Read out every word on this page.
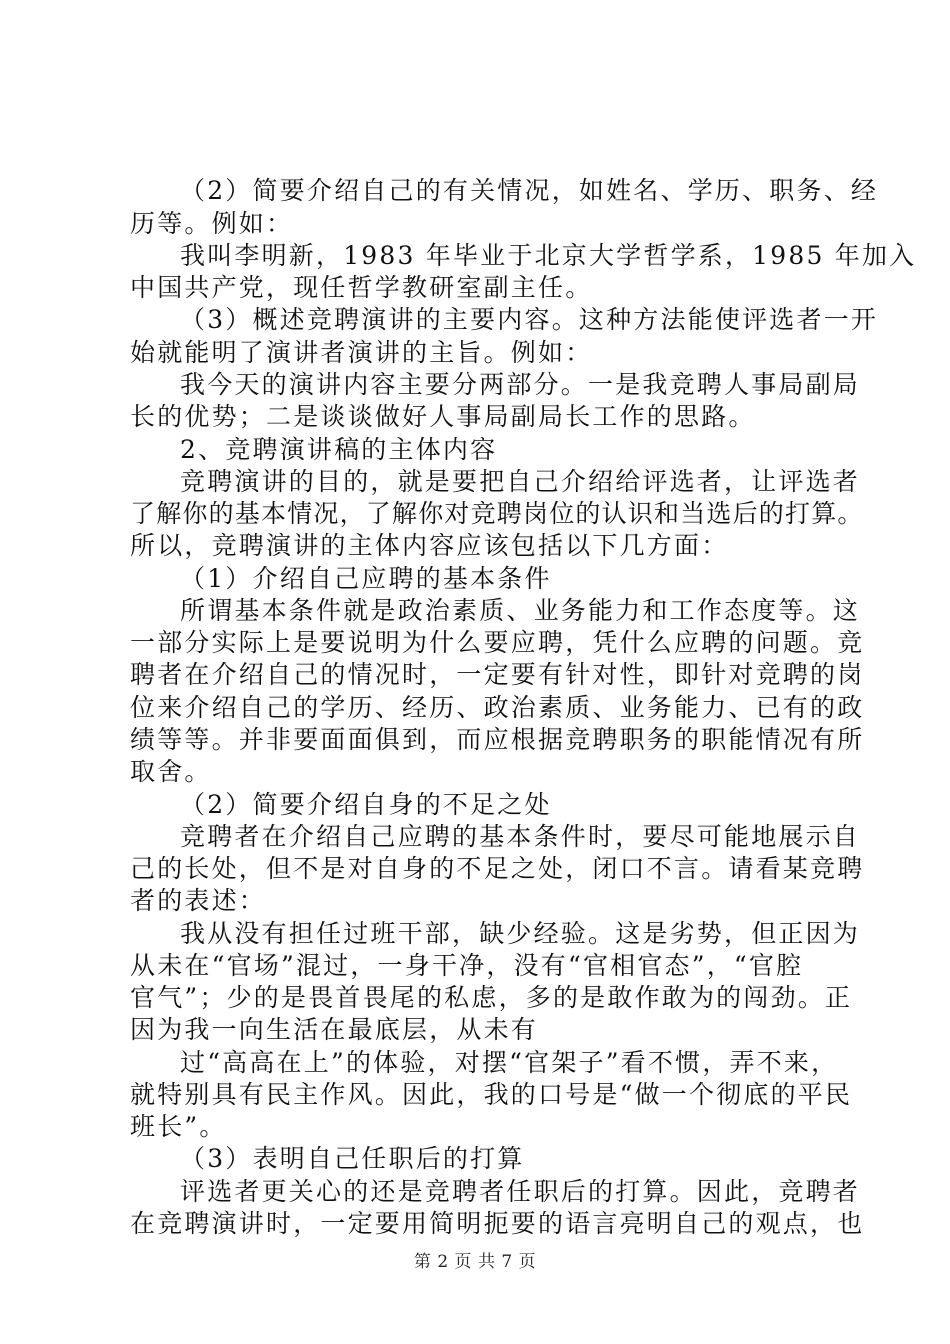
（2）简要介绍自己的有关情况，如姓名、学历、职务、经
历等。例如：
我叫李明新，1983 年毕业于北京大学哲学系，1985 年加入
中国共产党，现任哲学教研室副主任。
（3）概述竞聘演讲的主要内容。这种方法能使评选者一开
始就能明了演讲者演讲的主旨。例如：
我今天的演讲内容主要分两部分。一是我竞聘人事局副局
长的优势；二是谈谈做好人事局副局长工作的思路。
2、竞聘演讲稿的主体内容
竞聘演讲的目的，就是要把自己介绍给评选者，让评选者
了解你的基本情况，了解你对竞聘岗位的认识和当选后的打算。
所以，竞聘演讲的主体内容应该包括以下几方面：
（1）介绍自己应聘的基本条件
所谓基本条件就是政治素质、业务能力和工作态度等。这
一部分实际上是要说明为什么要应聘，凭什么应聘的问题。竞
聘者在介绍自己的情况时，一定要有针对性，即针对竞聘的岗
位来介绍自己的学历、经历、政治素质、业务能力、已有的政
绩等等。并非要面面俱到，而应根据竞聘职务的职能情况有所
取舍。
（2）简要介绍自身的不足之处
竞聘者在介绍自己应聘的基本条件时，要尽可能地展示自
己的长处，但不是对自身的不足之处，闭口不言。请看某竞聘
者的表述：
我从没有担任过班干部，缺少经验。这是劣势，但正因为
从未在“官场”混过，一身干净，没有“官相官态”，“官腔
官气”；少的是畏首畏尾的私虑，多的是敢作敢为的闯劲。正
因为我一向生活在最底层，从未有
过“高高在上”的体验，对摆“官架子”看不惯，弄不来，
就特别具有民主作风。因此，我的口号是“做一个彻底的平民
班长”。
（3）表明自己任职后的打算
评选者更关心的还是竞聘者任职后的打算。因此，竞聘者
在竞聘演讲时，一定要用简明扼要的语言亮明自己的观点，也
第 2 页 共 7 页
